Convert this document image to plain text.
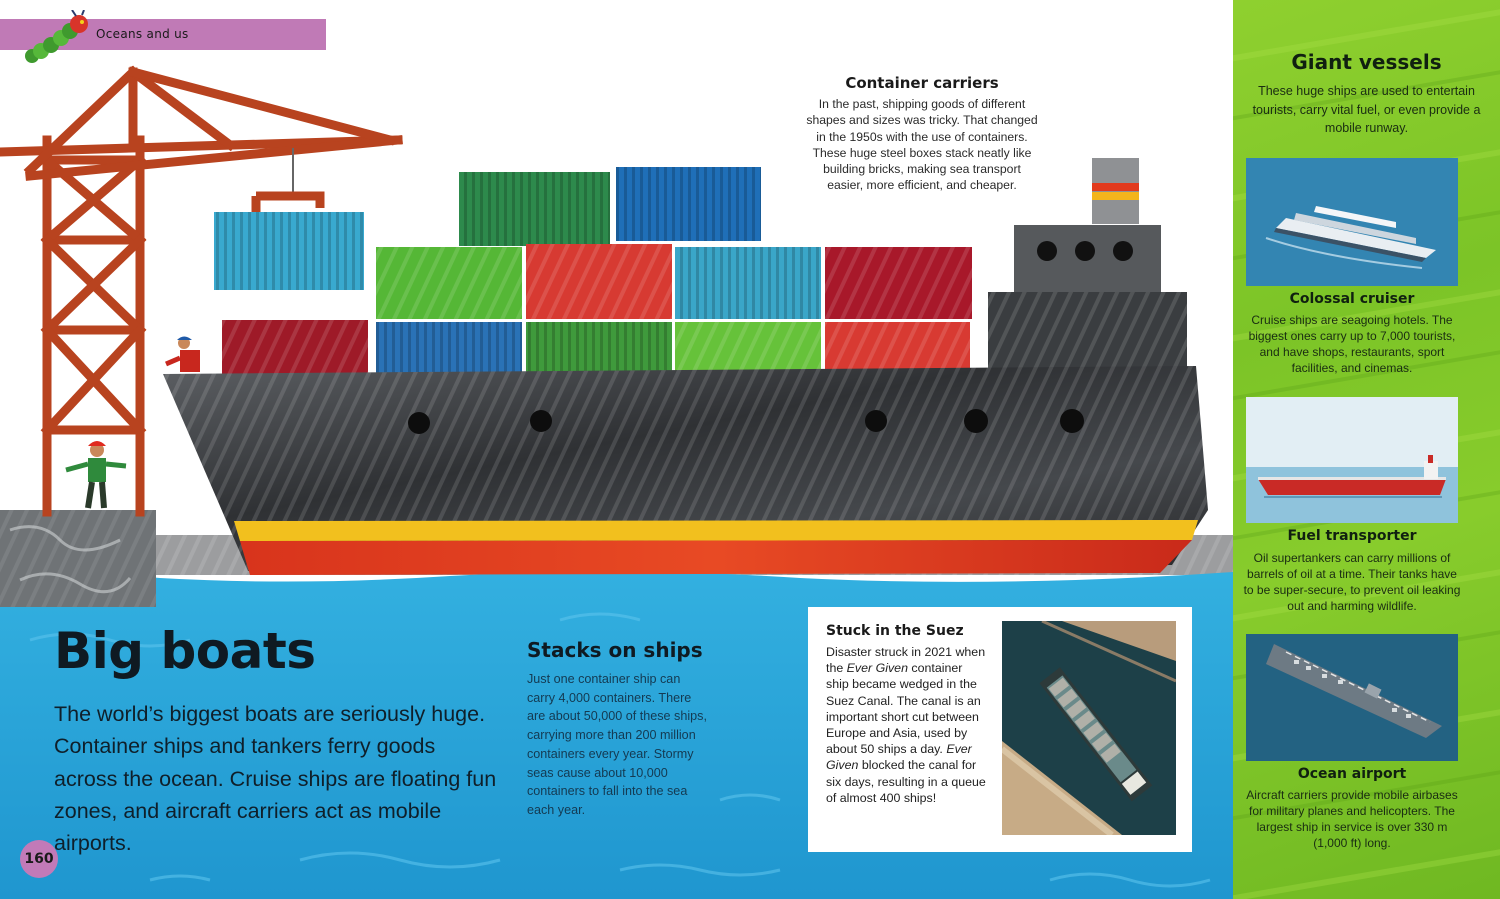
Oceans and us
Container carriers
In the past, shipping goods of different shapes and sizes was tricky. That changed in the 1950s with the use of containers. These huge steel boxes stack neatly like building bricks, making sea transport easier, more efficient, and cheaper.
Big boats
The world’s biggest boats are seriously huge. Container ships and tankers ferry goods across the ocean. Cruise ships are floating fun zones, and aircraft carriers act as mobile airports.
Stacks on ships
Just one container ship can carry 4,000 containers. There are about 50,000 of these ships, carrying more than 200 million containers every year. Stormy seas cause about 10,000 containers to fall into the sea each year.
Stuck in the Suez
Disaster struck in 2021 when the Ever Given container ship became wedged in the Suez Canal. The canal is an important short cut between Europe and Asia, used by about 50 ships a day. Ever Given blocked the canal for six days, resulting in a queue of almost 400 ships!
160
Giant vessels
These huge ships are used to entertain tourists, carry vital fuel, or even provide a mobile runway.
Colossal cruiser
Cruise ships are seagoing hotels. The biggest ones carry up to 7,000 tourists, and have shops, restaurants, sport facilities, and cinemas.
Fuel transporter
Oil supertankers can carry millions of barrels of oil at a time. Their tanks have to be super-secure, to prevent oil leaking out and harming wildlife.
Ocean airport
Aircraft carriers provide mobile airbases for military planes and helicopters. The largest ship in service is over 330 m (1,000 ft) long.
